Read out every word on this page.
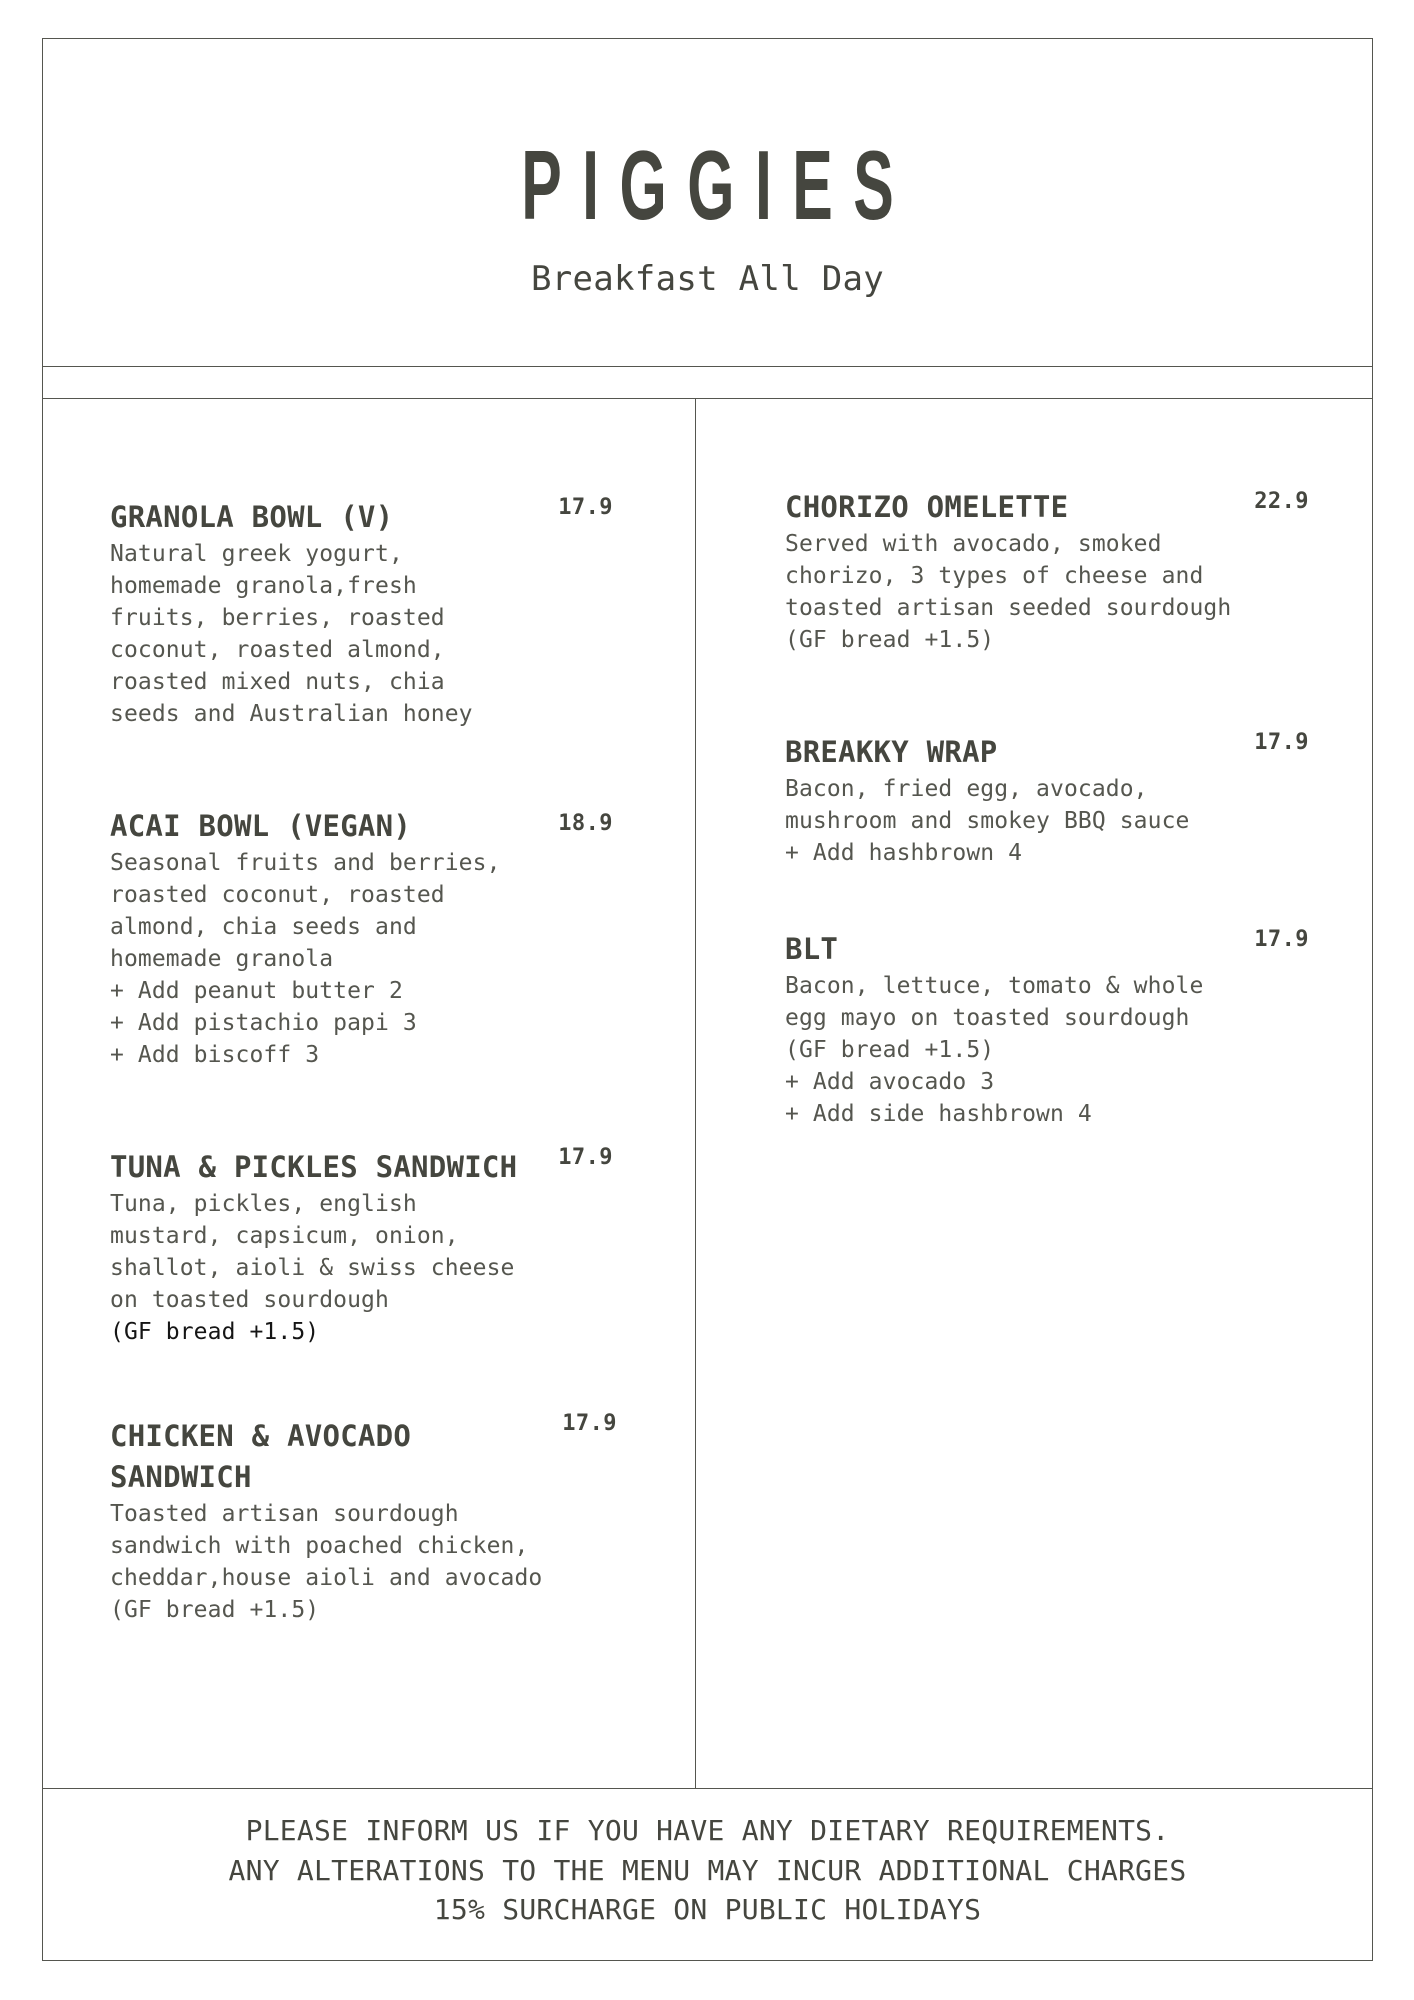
PIGGIES
Breakfast All Day
GRANOLA BOWL (V)	17.9
Natural greek yogurt,
homemade granola,fresh
fruits, berries, roasted
coconut, roasted almond,
roasted mixed nuts, chia
seeds and Australian honey
ACAI BOWL (VEGAN)	18.9
Seasonal fruits and berries,
roasted coconut, roasted
almond, chia seeds and
homemade granola
+ Add peanut butter 2
+ Add pistachio papi 3
+ Add biscoff 3
TUNA & PICKLES SANDWICH	17.9
Tuna, pickles, english
mustard, capsicum, onion,
shallot, aioli & swiss cheese
on toasted sourdough
(GF bread +1.5)
CHICKEN & AVOCADO SANDWICH
17.9
Toasted artisan sourdough
sandwich with poached chicken,
cheddar,house aioli and avocado
(GF bread +1.5)
CHORIZO OMELETTE	22.9
Served with avocado, smoked
chorizo, 3 types of cheese and
toasted artisan seeded sourdough
(GF bread +1.5)
BREAKKY WRAP	17.9
Bacon, fried egg, avocado,
mushroom and smokey BBQ sauce
+ Add hashbrown 4
BLT	17.9
Bacon, lettuce, tomato & whole
egg mayo on toasted sourdough
(GF bread +1.5)
+ Add avocado 3
+ Add side hashbrown 4
PLEASE INFORM US IF YOU HAVE ANY DIETARY REQUIREMENTS.
ANY ALTERATIONS TO THE MENU MAY INCUR ADDITIONAL CHARGES
15% SURCHARGE ON PUBLIC HOLIDAYS
